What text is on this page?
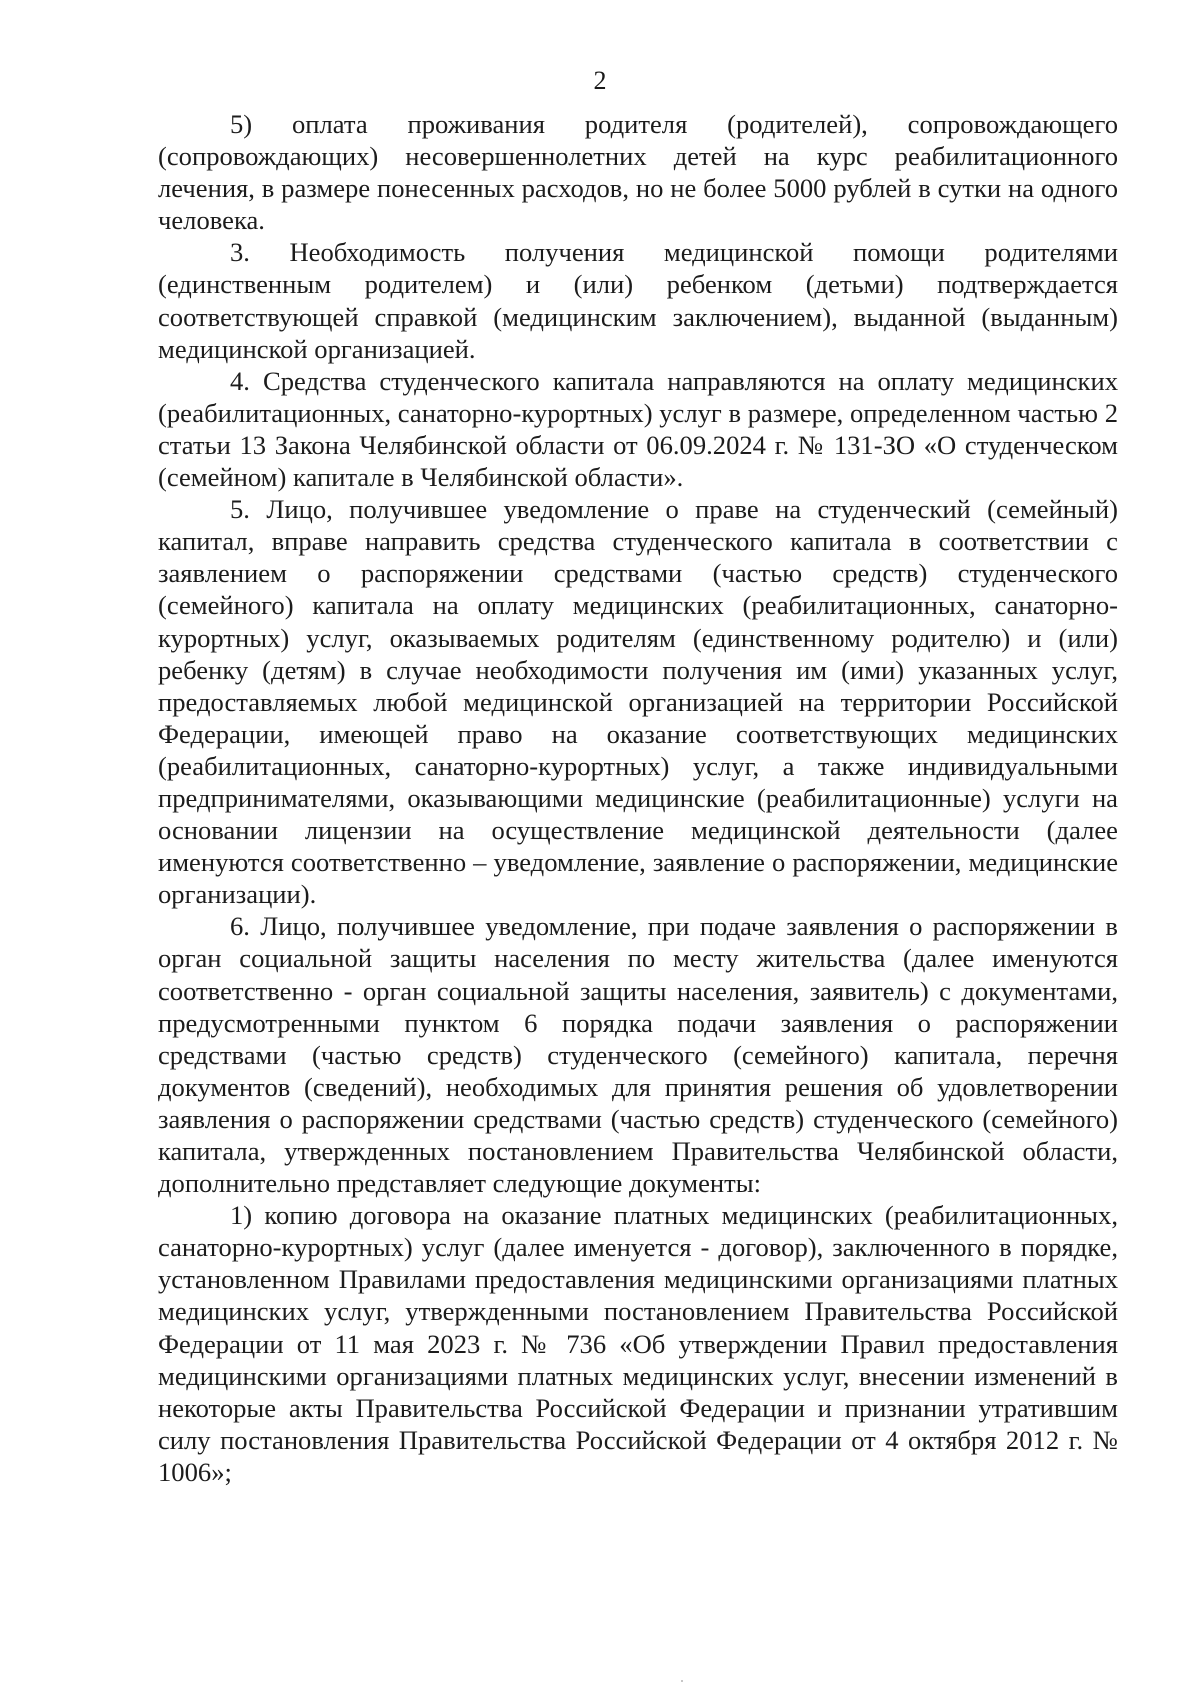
2

5) оплата проживания родителя (родителей), сопровождающего (сопровождающих) несовершеннолетних детей на курс реабилитационного лечения, в размере понесенных расходов, но не более 5000 рублей в сутки на одного человека.

3. Необходимость получения медицинской помощи родителями (единственным родителем) и (или) ребенком (детьми) подтверждается соответствующей справкой (медицинским заключением), выданной (выданным) медицинской организацией.

4. Средства студенческого капитала направляются на оплату медицинских (реабилитационных, санаторно-курортных) услуг в размере, определенном частью 2 статьи 13 Закона Челябинской области от 06.09.2024 г. № 131-ЗО «О студенческом (семейном) капитале в Челябинской области».

5. Лицо, получившее уведомление о праве на студенческий (семейный) капитал, вправе направить средства студенческого капитала в соответствии с заявлением о распоряжении средствами (частью средств) студенческого (семейного) капитала на оплату медицинских (реабилитационных, санаторно-курортных) услуг, оказываемых родителям (единственному родителю) и (или) ребенку (детям) в случае необходимости получения им (ими) указанных услуг, предоставляемых любой медицинской организацией на территории Российской Федерации, имеющей право на оказание соответствующих медицинских (реабилитационных, санаторно-курортных) услуг, а также индивидуальными предпринимателями, оказывающими медицинские (реабилитационные) услуги на основании лицензии на осуществление медицинской деятельности (далее именуются соответственно – уведомление, заявление о распоряжении, медицинские организации).

6. Лицо, получившее уведомление, при подаче заявления о распоряжении в орган социальной защиты населения по месту жительства (далее именуются соответственно - орган социальной защиты населения, заявитель) с документами, предусмотренными пунктом 6 порядка подачи заявления о распоряжении средствами (частью средств) студенческого (семейного) капитала, перечня документов (сведений), необходимых для принятия решения об удовлетворении заявления о распоряжении средствами (частью средств) студенческого (семейного) капитала, утвержденных постановлением Правительства Челябинской области, дополнительно представляет следующие документы:

1) копию договора на оказание платных медицинских (реабилитационных, санаторно-курортных) услуг (далее именуется - договор), заключенного в порядке, установленном Правилами предоставления медицинскими организациями платных медицинских услуг, утвержденными постановлением Правительства Российской Федерации от 11 мая 2023 г. № 736 «Об утверждении Правил предоставления медицинскими организациями платных медицинских услуг, внесении изменений в некоторые акты Правительства Российской Федерации и признании утратившим силу постановления Правительства Российской Федерации от 4 октября 2012 г. № 1006»;
